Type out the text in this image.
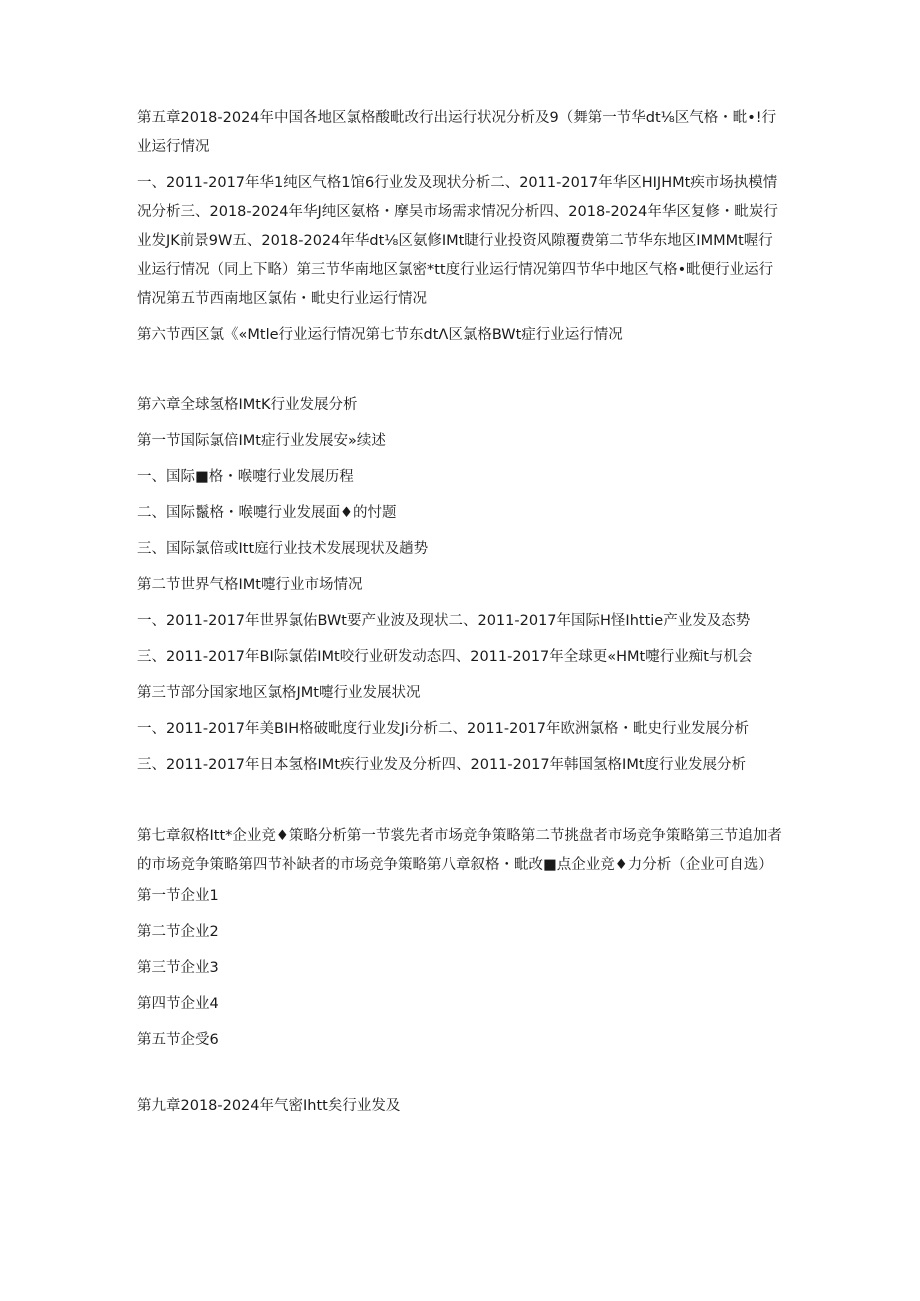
第五章2018-2024年中国各地区氯格酸毗改行出运行状况分析及9（舞第一节华dt⅛区气格・毗•!行业运行情况

一、2011-2017年华1纯区气格1馆6行业发及现状分析二、2011-2017年华区HIJHMt疾市场执模情况分析三、2018-2024年华J纯区氨格・摩吴市场需求情况分析四、2018-2024年华区复修・毗炭行业发JK前景9W五、2018-2024年华dt⅛区氨修IMt睫行业投资风隙覆费第二节华东地区IMMMt喔行业运行情况（同上下略）第三节华南地区氯密*tt度行业运行情况第四节华中地区气格•毗便行业运行情况第五节西南地区氯佑・毗史行业运行情况

第六节西区氯《«Mtle行业运行情况第七节东dtΛ区氯格BWt症行业运行情况

第六章全球氢格IMtK行业发展分析

第一节国际氯倍IMt症行业发展安»续述

一、国际■格・喉嚏行业发展历程

二、国际鬣格・喉嚏行业发展面♦的忖题

三、国际氯倍或Itt庭行业技术发展现状及趟势

第二节世界气格IMt嚏行业市场情况

一、2011-2017年世界氯佑BWt要产业波及现状二、2011-2017年国际H怪Ihttie产业发及态势

三、2011-2017年BI际氯偌IMt咬行业研发动态四、2011-2017年全球更«HMt嚏行业痴t与机会

第三节部分国家地区氯格JMt嚏行业发展状况

一、2011-2017年美BIH格破毗度行业发Ji分析二、2011-2017年欧洲氯格・毗史行业发展分析

三、2011-2017年日本氢格IMt疾行业发及分析四、2011-2017年韩国氢格IMt度行业发展分析

第七章叙格Itt*企业竞♦策略分析第一节裳先者市场竞争策略第二节挑盘者市场竞争策略第三节追加者的市场竞争策略第四节补缺者的市场竞争策略第八章叙格・毗改■点企业竞♦力分析（企业可自选）

第一节企业1

第二节企业2

第三节企业3

第四节企业4

第五节企受6

第九章2018-2024年气密Ihtt矣行业发及
